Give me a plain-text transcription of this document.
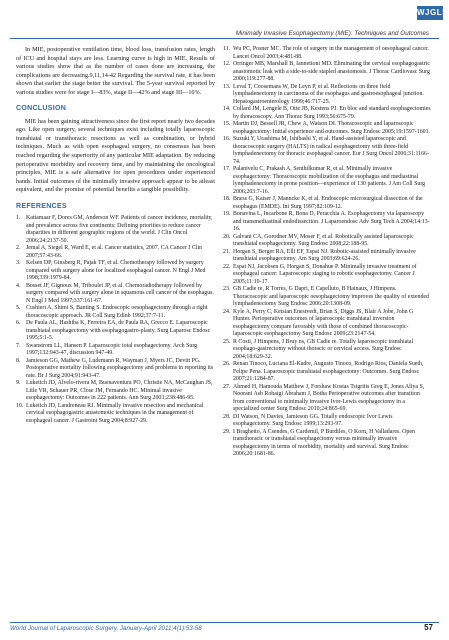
WJGLS
Minimally Invasive Esophagectomy (MIE): Techniques and Outcomes

In MIE, postoperative ventilation time, blood loss, transfusion rates, length of ICU and hospital stays are less. Learning curve is high in MIE. Results of various studies show that as the number of cases done are increasing, the complications are decreasing.9,11,14-42 Regarding the survival rate, it has been shown that earlier the stage better the survival. The 5-year survival reported by various studies were for stage I—83%, stage II—42% and stage III—16%.

CONCLUSION

MIE has been gaining attractiveness since the first report nearly two decades ago. Like open surgery, several techniques exist including totally laparoscopic transhiatal or transthoracic resections as well as combination, or hybrid techniques. Much as with open esophageal surgery, no consensus has been reached regarding the superiority of any particular MIE adaptation. By reducing perioperative morbidity and recovery time, and by maintaining the oncological principles, MIE is a safe alternative for open procedures under experienced hands. Initial outcomes of the minimally invasive approach appear to be atleast equivalent, and the promise of potential benefits a tangible possibility.

REFERENCES
1. Kattamaar F, Dores GM, Anderson WF. Patients of cancer incidence, mortality, and prevalence across five continents: Defining priorities to reduce cancer disparities in different geographic regions of the world. J Clin Oncol 2006;24:2137-50.
2. Jemal A, Siegel R, Ward E, et al. Cancer statistics, 2007. CA Cancer J Clin 2007;57:43-66.
3. Kelsen DP, Ginsberg R, Pajak TF, et al. Chemotherapy followed by surgery compared with surgery alone for localized esophageal cancer. N Engl J Med 1998;339:1979-84.
4. Bosset JF, Gignoux M, Triboulet JP, et al. Chemoradiotherapy followed by surgery compared with surgery alone in squamous cell cancer of the esophagus. N Engl J Med 1997;337:161-67.
5. Cushieri A, Shimi S, Banting S. Endoscopic oesophagectomy through a right thoracoscopic approach. JR Coll Surg Edinb 1992;37:7-11.
6. De Paula AL, Hashiba K, Ferreira EA, de Paula RA, Grecco E. Laparoscopic transhiatal esophagectomy with esophagogastro-plasty. Surg Laparosc Endosc 1995;5:1-5.
7. Swanstrom LL, Hansen P. Laparoscopic total esophagectomy. Arch Surg 1997;132:943-47, discussion 947-49.
8. Jamieson GG, Mathew G, Ludemann R, Wayman J, Myers JC, Devitt PG. Postoperative mortality following esophagectomy and problems in reporting its rate. Br J Surg 2004;91:943-47.
9. Luketich JD, Alvelo-rivera M, Buenaventura PO, Christie NA, McCaughan JS, Litle VR, Schauer PR, Close JM, Fernando HC. Minimal invasive esophagectomy: Outcomes in 222 patients. Ann Surg 2003;238:486-95.
10. Luketich JD, Landreneau RJ. Minimally invasive resection and mechanical cervical esophagogastric anastomotic techniques in the management of esophageal cancer. J Gastroint Surg 2004;8:927-29.
11. Wu PC, Posner MC. The role of surgery in the management of oesophageal cancer. Lancet Oncol 2003;4:481-88.
12. Orringer MB, Marshall B, Iannettoni MD. Eliminating the cervical esophagogastric anastomotic leak with a side-to-side stapled anastomosis. J Thorac Cardiovasc Surg 2000;119:277-88.
13. Leval T, Coosemans W, De Leyn P, et al. Reflections on three field lymphadenectomy in carcinoma of the esophagus and gastroesophageal junction. Hepatogastroenterology 1999;46:717-25.
14. Collard JM, Lengele B, Otte JB, Kestens PJ. En bloc and standard esophagectomies by thoracoscopy. Ann Thorac Surg 1993;56:675-79.
15. Martin DJ, Bessell JR, Chew A, Watson DI. Thoracoscopic and laparoscopic esophagectomy: Initial experience and outcomes. Surg Endosc 2005;19:1597-1601.
16. Suzuki Y, Urashima M, Ishibashi Y, et al. Hand-assisted laparoscopic and thoracoscopic surgery (HALTS) in radical esophagectomy with three-field lymphadenectomy for thoracic esophageal cancer. Eur J Surg Oncol 2006;31:1166-74.
17. Palanivelu C, Prakash A, Senthilkumar R, et al. Minimally invasive esophagectomy: Thoracoscopic mobilization of the esophagus and mediastinal lymphadenectomy in prone position—experience of 130 patients. J Am Coll Surg 2006;203:7-16.
18. Bness G, Kaiser J, Manncke K, et al. Endoscopic microsurgical dissection of the esophagus (EMDE). Int Surg 1997;82:109-12.
19. Bonavina L, Incarbone R, Bona D, Peracchia A. Esophagectomy via laparoscopy and transmediastinal endodissection. J Laparoendosc Adv Surg Tech A 2004;14:13-16.
20. Galvani CA, Gorodner MV, Moser F, et al. Robotically assisted laparoscopic transhiatal esophagectomy. Surg Endosc 2008;22:188-95.
21. Horgan S, Berger RA, Elli EF, Espat NJ. Robotic-assisted minimally invasive transhiatal esophagectomy. Am Surg 2003;69:624-26.
22. Espat NJ, Jacobsen G, Horgan S, Donahue P. Minimally invasive treatment of esophageal cancer: Laparoscopic staging to robotic esophagectomy. Cancer J 2005;11:10-17.
23. GB Cadie re, R Torres, G Dapri, E Capelluto, B Hainaux, J Himpens. Thoracoscopic and laparoscopic oesophagectomy improves the quality of extended lymphadenectomy Surg Endosc 2006;20:1308-09.
24. Kyle A, Perry C, Ketsian Enestvedt, Brian S, Diggs JS, Blair A Jobe, John G Hunter. Perioperative outcomes of laparoscopic transhiatal inversion esophagectomy compare favorably with those of combined thoracoscopic-laparoscopic esophagectomy Surg Endosc 2009;23:2147-54.
25. R Costi, J Himpens, J Bruy ns, GB Cadie re. Totally laparoscopic transhiatal esophago-gastrectomy without thoracic or cervical access. Surg Endosc 2004;18:629-32.
26. Renan Tinoco, Luciana El-Kadre, Augusto Tinoco, Rodrigo Rios, Daniela Sueth, Felipe Pena. Laparoscopic transhiatal esophagectomy: Outcomes. Surg Endosc 2007;21:1284-87.
27. Ahmed H, Hamouda Matthew J, Forshaw Kostas Tsigritis Greg E, Jones Aliya S, Noorani Asb Rohaigi Abraham J, Botha Perioperative outcomes after transition from conventional to minimally invasive Ivor-Lewis esophagectomy in a specialized center Surg Endosc 2010;24:865-69.
28. DI Watson, N Davies, Jamieson GG. Totally endoscopic Ivor Lewis esophagectomy. Surg Endosc 1999;13:293-97.
29. I Braghetto, A Csendes, G Cardemil, P Burdiles, O Korn, H Valladares. Open transthoracic or transhiatal esophagectomy versus minimally invasive esophagectomy in terms of morbidity, mortality and survival. Surg Endosc 2006;20:1681-86.
World Journal of Laparoscopic Surgery, January-April 2011;4(1):53-58	57
